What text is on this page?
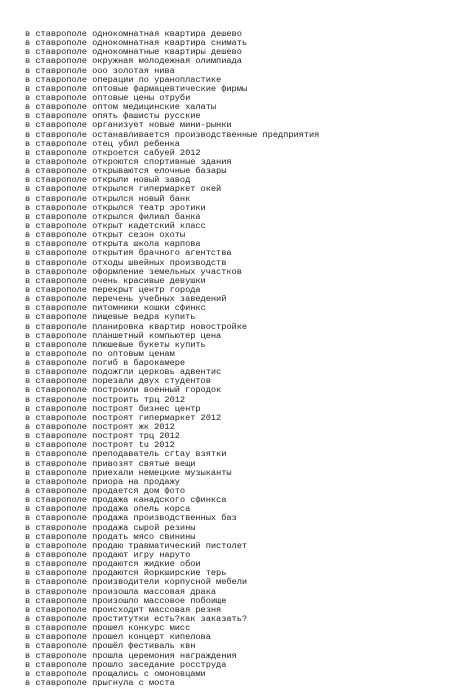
в ставрополе однокомнатная квартира дешево
в ставрополе однокомнатная квартира снимать
в ставрополе однокомнатные квартиры дешево
в ставрополе окружная молодежная олимпиада
в ставрополе ооо золотая нива
в ставрополе операции по уранопластике
в ставрополе оптовые фармацевтические фирмы
в ставрополе оптовые цены отруби
в ставрополе оптом медицинские халаты
в ставрополе опять фашисты русские
в ставрополе организует новые мини-рынки
в ставрополе останавливается производственные предприятия
в ставрополе отец убил ребенка
в ставрополе откроется сабуей 2012
в ставрополе откроются спортивные здания
в ставрополе открываются елочные базары
в ставрополе открыли новый завод
в ставрополе открылся гипермаркет окей
в ставрополе открылся новый банк
в ставрополе открылся театр эротики
в ставрополе открылся филиал банка
в ставрополе открыт кадетский класс
в ставрополе открыт сезон охоты
в ставрополе открыта школа карпова
в ставрополе открытия брачного агентства
в ставрополе отходы швейных производств
в ставрополе оформление земельных участков
в ставрополе очень красивые девушки
в ставрополе перекрыт центр города
в ставрополе перечень учебных заведений
в ставрополе питомники кошки сфинкс
в ставрополе пищевые ведра купить
в ставрополе планировка квартир новостройке
в ставрополе планшетный компьютер цена
в ставрополе плюшевые букеты купить
в ставрополе по оптовым ценам
в ставрополе погиб в барокамере
в ставрополе подожгли церковь адвентис
в ставрополе порезали двух студентов
в ставрополе построили военный городок
в ставрополе построить трц 2012
в ставрополе построят бизнес центр
в ставрополе построят гипермаркет 2012
в ставрополе построят жк 2012
в ставрополе построят трц 2012
в ставрополе построят tu 2012
в ставрополе преподаватель сгtау взятки
в ставрополе привозят святые вещи
в ставрополе приехали немецкие музыканты
в ставрополе приора на продажу
в ставрополе продается дом фото
в ставрополе продажа канадского сфинкса
в ставрополе продажа опель корса
в ставрополе продажа производственных баз
в ставрополе продажа сырой резины
в ставрополе продать мясо свинины
в ставрополе продаю травматический пистолет
в ставрополе продают игру наруто
в ставрополе продаются жидкие обои
в ставрополе продаются йоркширские терь
в ставрополе производители корпусной мебели
в ставрополе произошла массовая драка
в ставрополе произошло массовое побоище
в ставрополе происходит массовая резня
в ставрополе проститутки есть?как заказать?
в ставрополе прошел конкурс мисс
в ставрополе прошел концерт кипелова
в ставрополе прошёл фестиваль квн
в ставрополе прошла церемония награждения
в ставрополе прошло заседание росструда
в ставрополе прощались с омоновцами
в ставрополе прыгнула с моста
